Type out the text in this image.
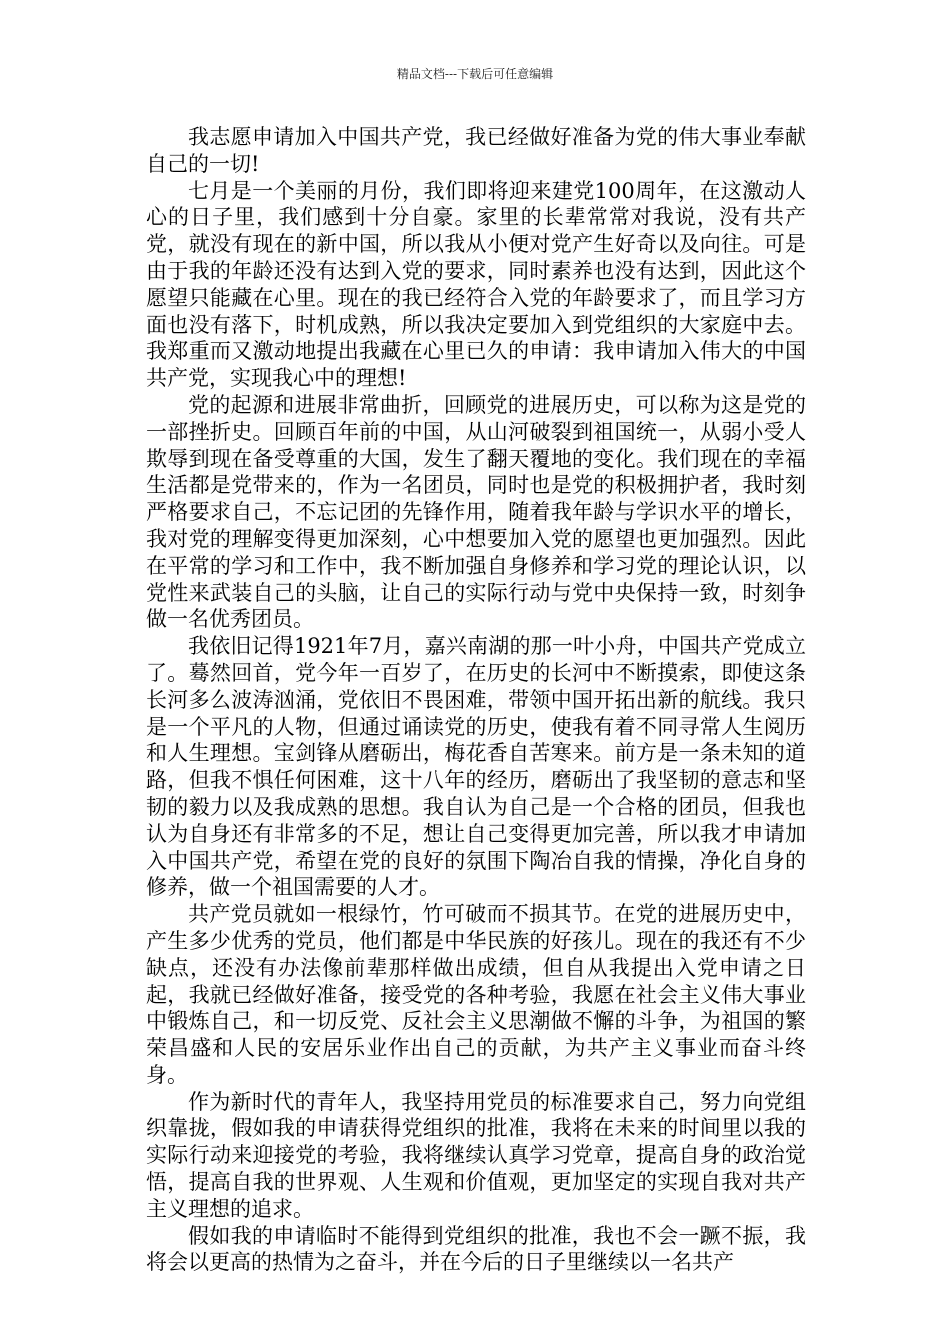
精品文档---下载后可任意编辑

我志愿申请加入中国共产党，我已经做好准备为党的伟大事业奉献自己的一切!

七月是一个美丽的月份，我们即将迎来建党100周年，在这激动人心的日子里，我们感到十分自豪。家里的长辈常常对我说，没有共产党，就没有现在的新中国，所以我从小便对党产生好奇以及向往。可是由于我的年龄还没有达到入党的要求，同时素养也没有达到，因此这个愿望只能藏在心里。现在的我已经符合入党的年龄要求了，而且学习方面也没有落下，时机成熟，所以我决定要加入到党组织的大家庭中去。我郑重而又激动地提出我藏在心里已久的申请：我申请加入伟大的中国共产党，实现我心中的理想!

党的起源和进展非常曲折，回顾党的进展历史，可以称为这是党的一部挫折史。回顾百年前的中国，从山河破裂到祖国统一，从弱小受人欺辱到现在备受尊重的大国，发生了翻天覆地的变化。我们现在的幸福生活都是党带来的，作为一名团员，同时也是党的积极拥护者，我时刻严格要求自己，不忘记团的先锋作用，随着我年龄与学识水平的增长，我对党的理解变得更加深刻，心中想要加入党的愿望也更加强烈。因此在平常的学习和工作中，我不断加强自身修养和学习党的理论认识，以党性来武装自己的头脑，让自己的实际行动与党中央保持一致，时刻争做一名优秀团员。

我依旧记得1921年7月，嘉兴南湖的那一叶小舟，中国共产党成立了。蓦然回首，党今年一百岁了，在历史的长河中不断摸索，即使这条长河多么波涛汹涌，党依旧不畏困难，带领中国开拓出新的航线。我只是一个平凡的人物，但通过诵读党的历史，使我有着不同寻常人生阅历和人生理想。宝剑锋从磨砺出，梅花香自苦寒来。前方是一条未知的道路，但我不惧任何困难，这十八年的经历，磨砺出了我坚韧的意志和坚韧的毅力以及我成熟的思想。我自认为自己是一个合格的团员，但我也认为自身还有非常多的不足，想让自己变得更加完善，所以我才申请加入中国共产党，希望在党的良好的氛围下陶冶自我的情操，净化自身的修养，做一个祖国需要的人才。

共产党员就如一根绿竹，竹可破而不损其节。在党的进展历史中，产生多少优秀的党员，他们都是中华民族的好孩儿。现在的我还有不少缺点，还没有办法像前辈那样做出成绩，但自从我提出入党申请之日起，我就已经做好准备，接受党的各种考验，我愿在社会主义伟大事业中锻炼自己，和一切反党、反社会主义思潮做不懈的斗争，为祖国的繁荣昌盛和人民的安居乐业作出自己的贡献，为共产主义事业而奋斗终身。

作为新时代的青年人，我坚持用党员的标准要求自己，努力向党组织靠拢，假如我的申请获得党组织的批准，我将在未来的时间里以我的实际行动来迎接党的考验，我将继续认真学习党章，提高自身的政治觉悟，提高自我的世界观、人生观和价值观，更加坚定的实现自我对共产主义理想的追求。

假如我的申请临时不能得到党组织的批准，我也不会一蹶不振，我将会以更高的热情为之奋斗，并在今后的日子里继续以一名共产
